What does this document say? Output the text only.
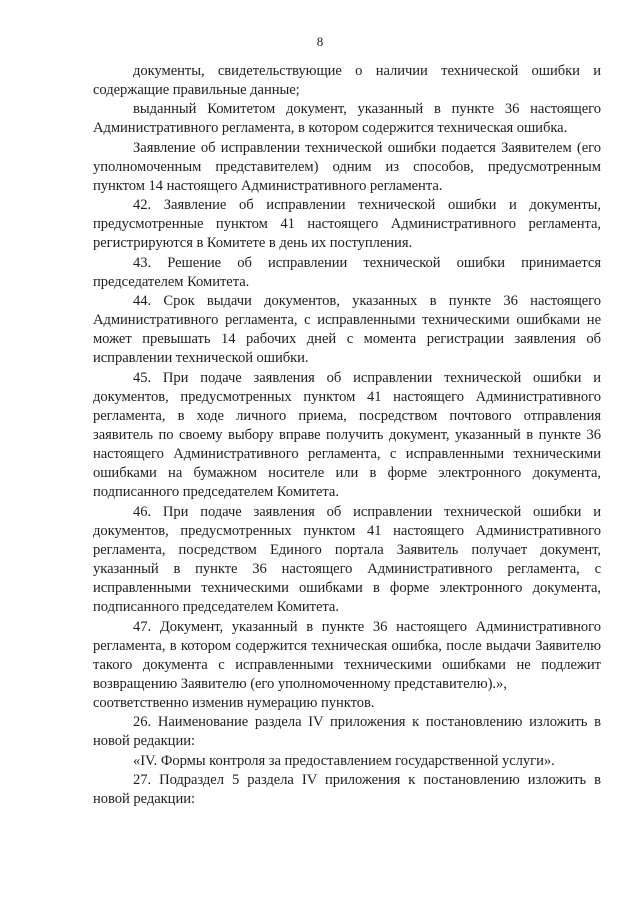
8

документы, свидетельствующие о наличии технической ошибки и содержащие правильные данные;

выданный Комитетом документ, указанный в пункте 36 настоящего Административного регламента, в котором содержится техническая ошибка.

Заявление об исправлении технической ошибки подается Заявителем (его уполномоченным представителем) одним из способов, предусмотренным пунктом 14 настоящего Административного регламента.

42. Заявление об исправлении технической ошибки и документы, предусмотренные пунктом 41 настоящего Административного регламента, регистрируются в Комитете в день их поступления.

43. Решение об исправлении технической ошибки принимается председателем Комитета.

44. Срок выдачи документов, указанных в пункте 36 настоящего Административного регламента, с исправленными техническими ошибками не может превышать 14 рабочих дней с момента регистрации заявления об исправлении технической ошибки.

45. При подаче заявления об исправлении технической ошибки и документов, предусмотренных пунктом 41 настоящего Административного регламента, в ходе личного приема, посредством почтового отправления заявитель по своему выбору вправе получить документ, указанный в пункте 36 настоящего Административного регламента, с исправленными техническими ошибками на бумажном носителе или в форме электронного документа, подписанного председателем Комитета.

46. При подаче заявления об исправлении технической ошибки и документов, предусмотренных пунктом 41 настоящего Административного регламента, посредством Единого портала Заявитель получает документ, указанный в пункте 36 настоящего Административного регламента, с исправленными техническими ошибками в форме электронного документа, подписанного председателем Комитета.

47. Документ, указанный в пункте 36 настоящего Административного регламента, в котором содержится техническая ошибка, после выдачи Заявителю такого документа с исправленными техническими ошибками не подлежит возвращению Заявителю (его уполномоченному представителю).»,

соответственно изменив нумерацию пунктов.

26. Наименование раздела IV приложения к постановлению изложить в новой редакции:

«IV. Формы контроля за предоставлением государственной услуги».

27. Подраздел 5 раздела IV приложения к постановлению изложить в новой редакции:
